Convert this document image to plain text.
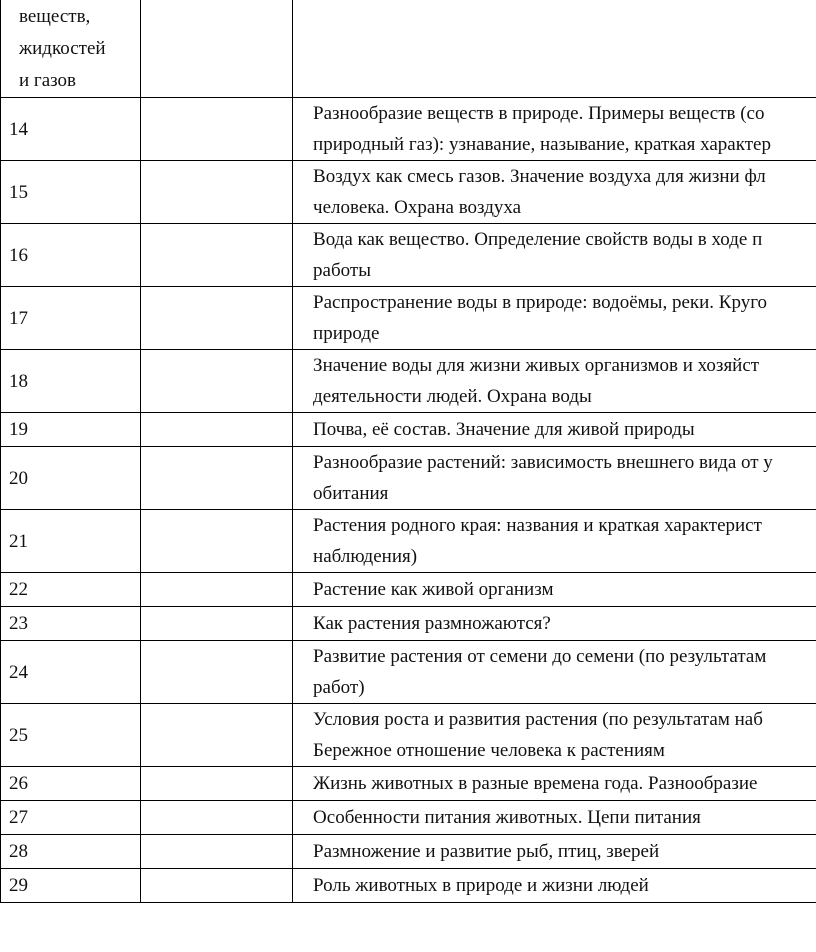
веществ,
жидкостей
и газов		

14		Разнообразие веществ в природе. Примеры веществ (со
природный газ): узнавание, называние, краткая характер

15		Воздух как смесь газов. Значение воздуха для жизни фл
человека. Охрана воздуха

16		Вода как вещество. Определение свойств воды в ходе п
работы

17		Распространение воды в природе: водоёмы, реки. Круго
природе

18		Значение воды для жизни живых организмов и хозяйст
деятельности людей. Охрана воды

19		Почва, её состав. Значение для живой природы

20		Разнообразие растений: зависимость внешнего вида от у
обитания

21		Растения родного края: названия и краткая характерист
наблюдения)

22		Растение как живой организм

23		Как растения размножаются?

24		Развитие растения от семени до семени (по результатам
работ)

25		Условия роста и развития растения (по результатам наб
Бережное отношение человека к растениям

26		Жизнь животных в разные времена года. Разнообразие

27		Особенности питания животных. Цепи питания

28		Размножение и развитие рыб, птиц, зверей

29		Роль животных в природе и жизни людей
